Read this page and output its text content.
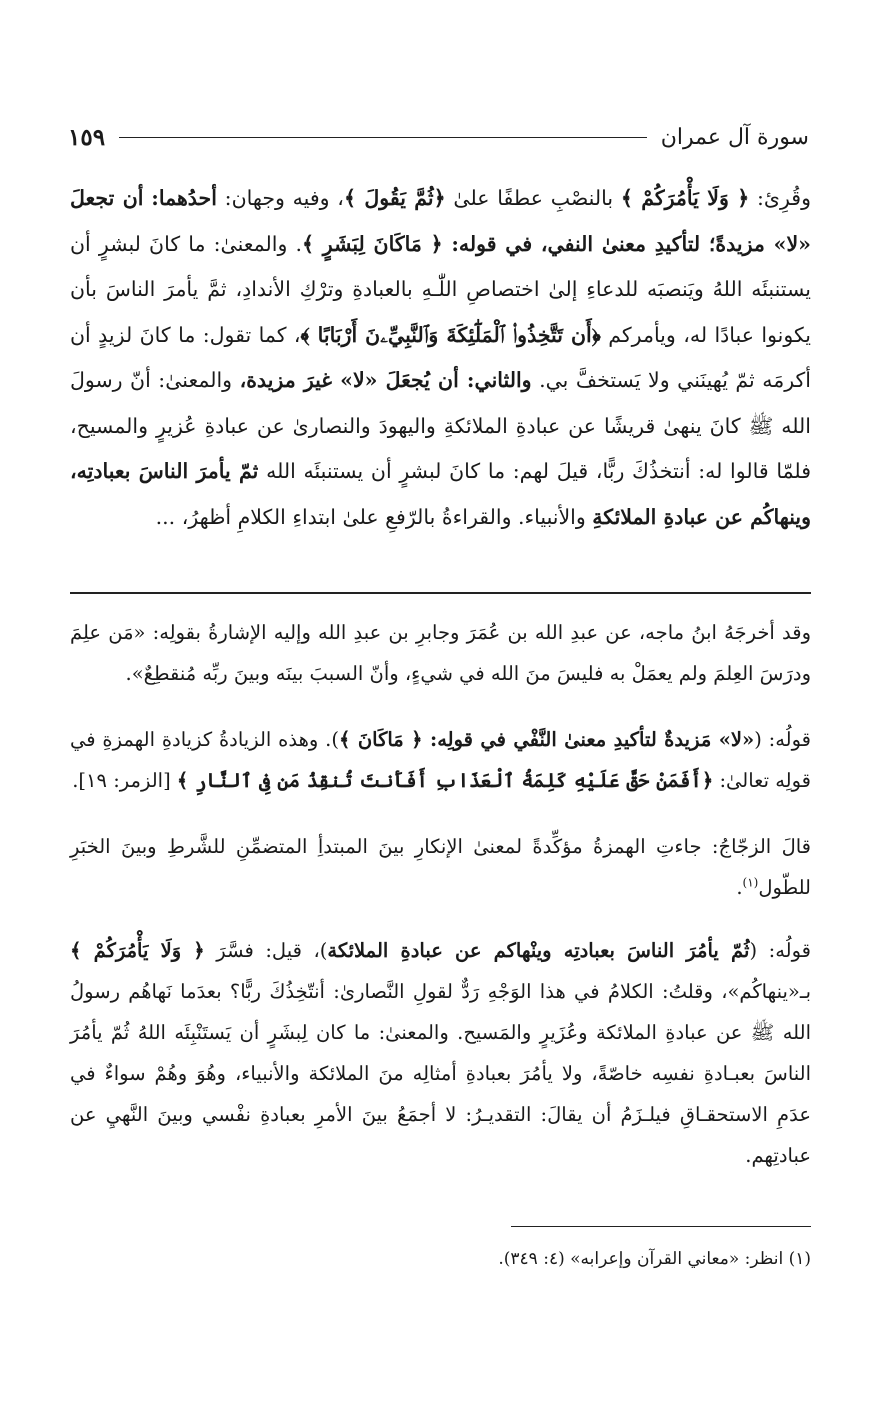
سورة آل عمران
١٥٩
وقُرِئ: ﴿ وَلَا يَأْمُرَكُمْ ﴾ بالنصْبِ عطفًا علىٰ ﴿ثُمَّ يَقُولَ ﴾، وفيه وجهان: أحدُهما: أن تجعلَ «لا» مزيدةً؛ لتأكيدِ معنىٰ النفي، في قوله: ﴿ مَاكَانَ لِبَشَرٍ ﴾. والمعنىٰ: ما كانَ لبشرٍ أن يستنبئَه اللهُ ويَنصبَه للدعاءِ إلىٰ اختصاصِ اللّٰـهِ بالعبادةِ وترْكِ الأندادِ، ثمَّ يأمرَ الناسَ بأن يكونوا عبادًا له، ويأمركم ﴿أَن تَتَّخِذُوا۟ ٱلْمَلَٰٓئِكَةَ وَٱلنَّبِيِّۦنَ أَرْبَابًا ﴾، كما تقول: ما كانَ لزيدٍ أن أكرمَه ثمّ يُهينَني ولا يَستخفَّ بي. والثاني: أن يُجعَلَ «لا» غيرَ مزيدة، والمعنىٰ: أنّ رسولَ الله ﷺ كانَ ينهىٰ قريشًا عن عبادةِ الملائكةِ واليهودَ والنصارىٰ عن عبادةِ عُزيرٍ والمسيح، فلمّا قالوا له: أنتخذُكَ ربًّا، قيلَ لهم: ما كانَ لبشرٍ أن يستنبئَه الله ثمّ يأمرَ الناسَ بعبادتِه، وينهاكُم عن عبادةِ الملائكةِ والأنبياء. والقراءةُ بالرّفعِ علىٰ ابتداءِ الكلامِ أظهرُ، ...
وقد أخرجَهُ ابنُ ماجه، عن عبدِ الله بن عُمَرَ وجابرِ بن عبدِ الله وإليه الإشارةُ بقولِه: «مَن علِمَ ودرَسَ العِلمَ ولم يعمَلْ به فليسَ منَ الله في شيءٍ، وأنّ السببَ بينَه وبينَ ربِّه مُنقطِعٌ».
قولُه: («لا» مَزيدةٌ لتأكيدِ معنىٰ النَّفْي في قولِه: ﴿ مَاكَانَ ﴾). وهذه الزيادةُ كزيادةِ الهمزةِ في قولِه تعالىٰ: ﴿أَفَمَنْ حَقَّ عَلَيْهِ كَلِمَةُ ٱلْعَذَابِ أَفَأَنتَ تُنقِذُ مَن فِى ٱلنَّارِ ﴾ [الزمر: ١٩].
قالَ الزجّاجُ: جاءتِ الهمزةُ مؤكِّدةً لمعنىٰ الإنكارِ بينَ المبتدأِ المتضمِّنِ للشَّرطِ وبينَ الخبَرِ للطّول$^{(١)}$.
قولُه: (ثُمّ يأمُرَ الناسَ بعبادتِه وينْهاكم عن عبادةِ الملائكة)، قيل: فسَّرَ ﴿ وَلَا يَأْمُرَكُمْ ﴾ بـ«ينهاكُم»، وقلتُ: الكلامُ في هذا الوَجْهِ رَدٌّ لقولِ النَّصارىٰ: أنتّخِذُكَ ربًّا؟ بعدَما نَهاهُم رسولُ الله ﷺ عن عبادةِ الملائكة وعُزَيرٍ والمَسيح. والمعنىٰ: ما كان لِبشَرٍ أن يَستَنْبِئَه اللهُ ثُمّ يأمُرَ الناسَ بعبـادةِ نفسِه خاصّةً، ولا يأمُرَ بعبادةِ أمثالِه منَ الملائكة والأنبياء، وهُوَ وهُمْ سواءٌ في عدَمِ الاستحقـاقِ فيلـزَمُ أن يقالَ: التقديـرُ: لا أجمَعُ بينَ الأمرِ بعبادةِ نفْسي وبينَ النَّهيِ عن عبادتِهم.
(١) انظر: «معاني القرآن وإعرابه» (٤: ٣٤٩).
